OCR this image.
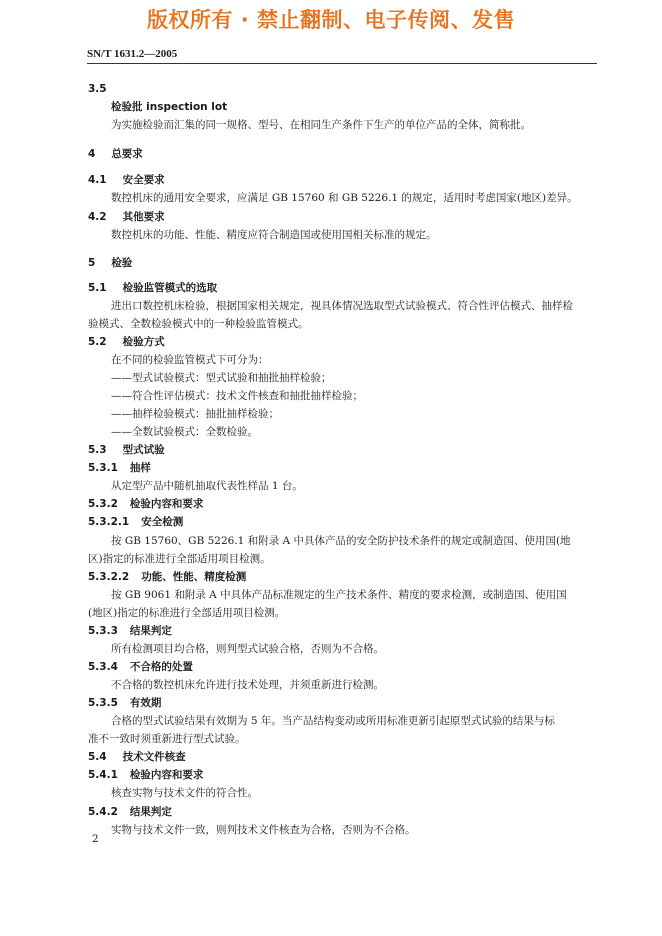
版权所有 · 禁止翻制、电子传阅、发售
SN/T 1631.2—2005
3.5
检验批 inspection lot
为实施检验而汇集的同一规格、型号、在相同生产条件下生产的单位产品的全体，简称批。
4 总要求
4.1 安全要求
数控机床的通用安全要求，应满足 GB 15760 和 GB 5226.1 的规定，适用时考虑国家(地区)差异。
4.2 其他要求
数控机床的功能、性能、精度应符合制造国或使用国相关标准的规定。
5 检验
5.1 检验监管模式的选取
进出口数控机床检验，根据国家相关规定，视具体情况选取型式试验模式、符合性评估模式、抽样检
验模式、全数检验模式中的一种检验监管模式。
5.2 检验方式
在不同的检验监管模式下可分为：
——型式试验模式：型式试验和抽批抽样检验；
——符合性评估模式：技术文件核查和抽批抽样检验；
——抽样检验模式：抽批抽样检验；
——全数试验模式：全数检验。
5.3 型式试验
5.3.1 抽样
从定型产品中随机抽取代表性样品 1 台。
5.3.2 检验内容和要求
5.3.2.1 安全检测
按 GB 15760、GB 5226.1 和附录 A 中具体产品的安全防护技术条件的规定或制造国、使用国(地
区)指定的标准进行全部适用项目检测。
5.3.2.2 功能、性能、精度检测
按 GB 9061 和附录 A 中具体产品标准规定的生产技术条件、精度的要求检测，或制造国、使用国
(地区)指定的标准进行全部适用项目检测。
5.3.3 结果判定
所有检测项目均合格，则判型式试验合格，否则为不合格。
5.3.4 不合格的处置
不合格的数控机床允许进行技术处理，并须重新进行检测。
5.3.5 有效期
合格的型式试验结果有效期为 5 年。当产品结构变动或所用标准更新引起原型式试验的结果与标
准不一致时须重新进行型式试验。
5.4 技术文件核查
5.4.1 检验内容和要求
核查实物与技术文件的符合性。
5.4.2 结果判定
实物与技术文件一致，则判技术文件核查为合格，否则为不合格。
2
